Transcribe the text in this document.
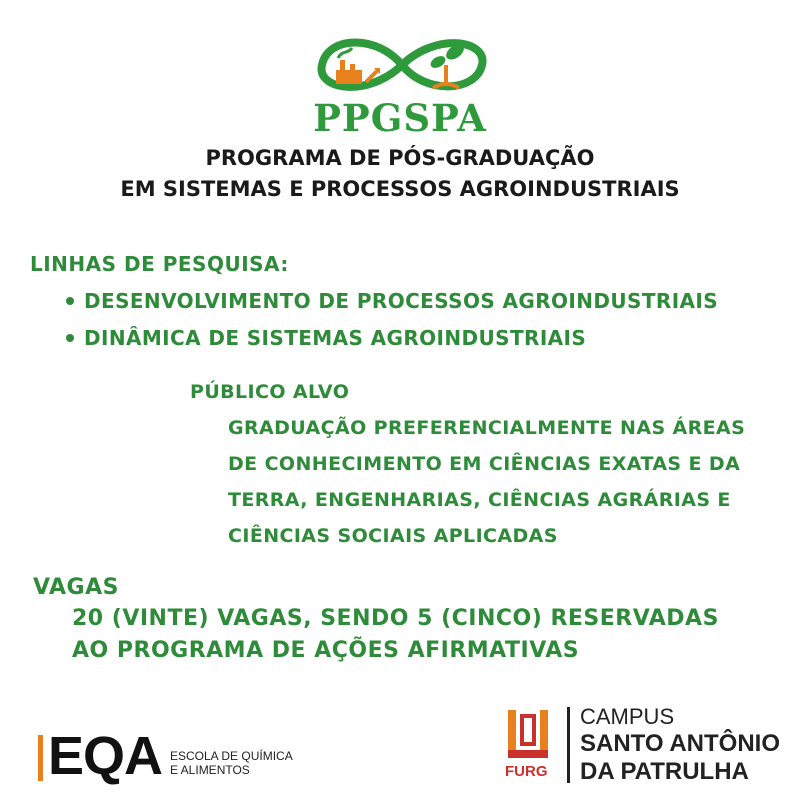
PPGSPA
PROGRAMA DE PÓS-GRADUAÇÃO
EM SISTEMAS E PROCESSOS AGROINDUSTRIAIS
LINHAS DE PESQUISA:
DESENVOLVIMENTO DE PROCESSOS AGROINDUSTRIAIS
DINÂMICA DE SISTEMAS AGROINDUSTRIAIS
PÚBLICO ALVO
GRADUAÇÃO PREFERENCIALMENTE NAS ÁREAS
DE CONHECIMENTO EM CIÊNCIAS EXATAS E DA
TERRA, ENGENHARIAS, CIÊNCIAS AGRÁRIAS E
CIÊNCIAS SOCIAIS APLICADAS
VAGAS
20 (VINTE) VAGAS, SENDO 5 (CINCO) RESERVADAS
AO PROGRAMA DE AÇÕES AFIRMATIVAS
EQA ESCOLA DE QUÍMICA
E ALIMENTOS	FURG
CAMPUS
SANTO ANTÔNIO
DA PATRULHA
